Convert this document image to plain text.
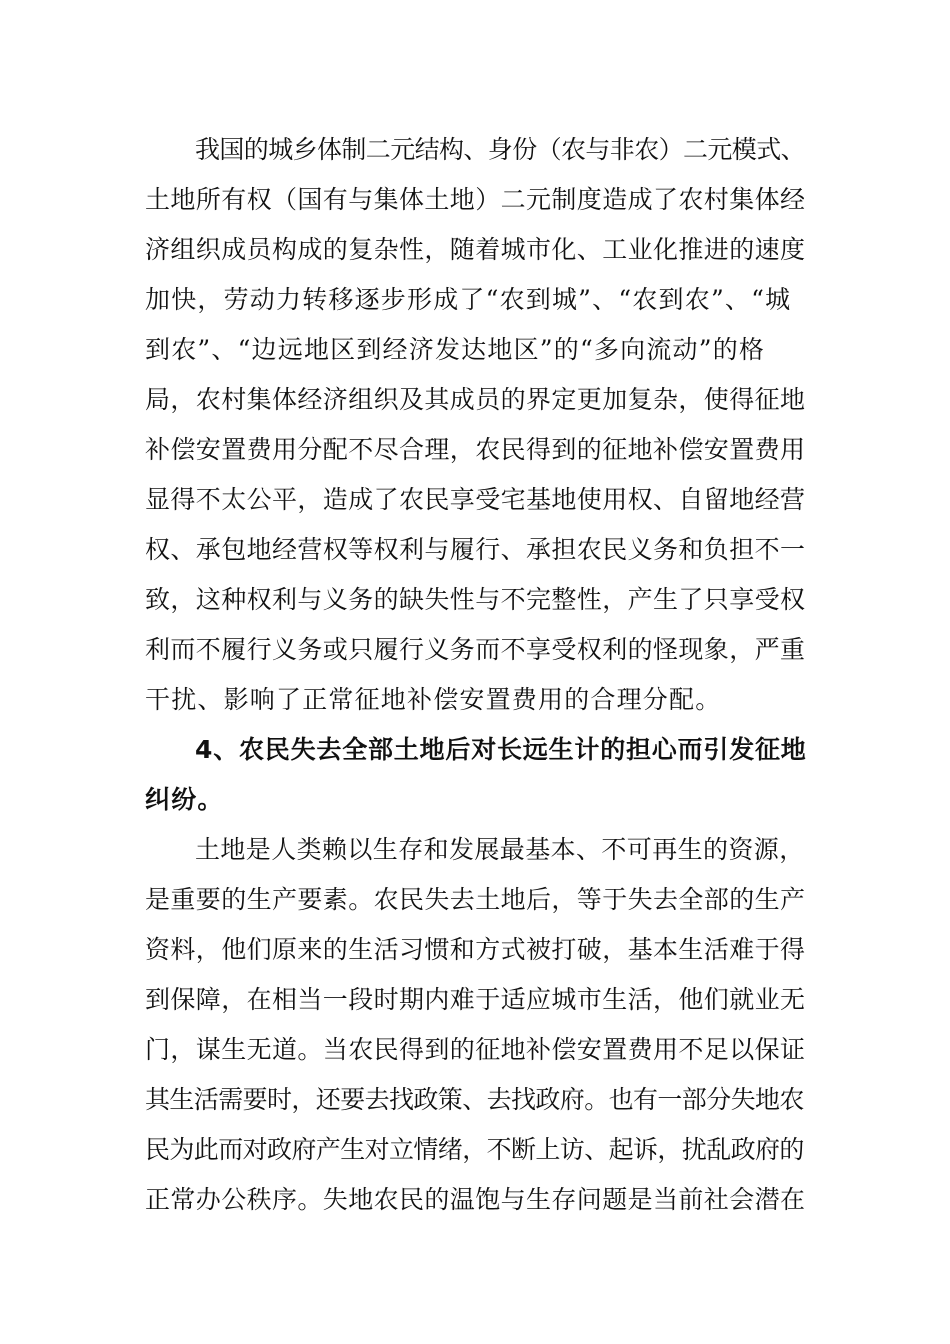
我国的城乡体制二元结构、身份（农与非农）二元模式、
土地所有权（国有与集体土地）二元制度造成了农村集体经
济组织成员构成的复杂性，随着城市化、工业化推进的速度
加快，劳动力转移逐步形成了“农到城”、“农到农”、“城
到农”、“边远地区到经济发达地区”的“多向流动”的格
局，农村集体经济组织及其成员的界定更加复杂，使得征地
补偿安置费用分配不尽合理，农民得到的征地补偿安置费用
显得不太公平，造成了农民享受宅基地使用权、自留地经营
权、承包地经营权等权利与履行、承担农民义务和负担不一
致，这种权利与义务的缺失性与不完整性，产生了只享受权
利而不履行义务或只履行义务而不享受权利的怪现象，严重
干扰、影响了正常征地补偿安置费用的合理分配。
4、农民失去全部土地后对长远生计的担心而引发征地
纠纷。
土地是人类赖以生存和发展最基本、不可再生的资源，
是重要的生产要素。农民失去土地后，等于失去全部的生产
资料，他们原来的生活习惯和方式被打破，基本生活难于得
到保障，在相当一段时期内难于适应城市生活，他们就业无
门，谋生无道。当农民得到的征地补偿安置费用不足以保证
其生活需要时，还要去找政策、去找政府。也有一部分失地农
民为此而对政府产生对立情绪，不断上访、起诉，扰乱政府的
正常办公秩序。失地农民的温饱与生存问题是当前社会潜在
